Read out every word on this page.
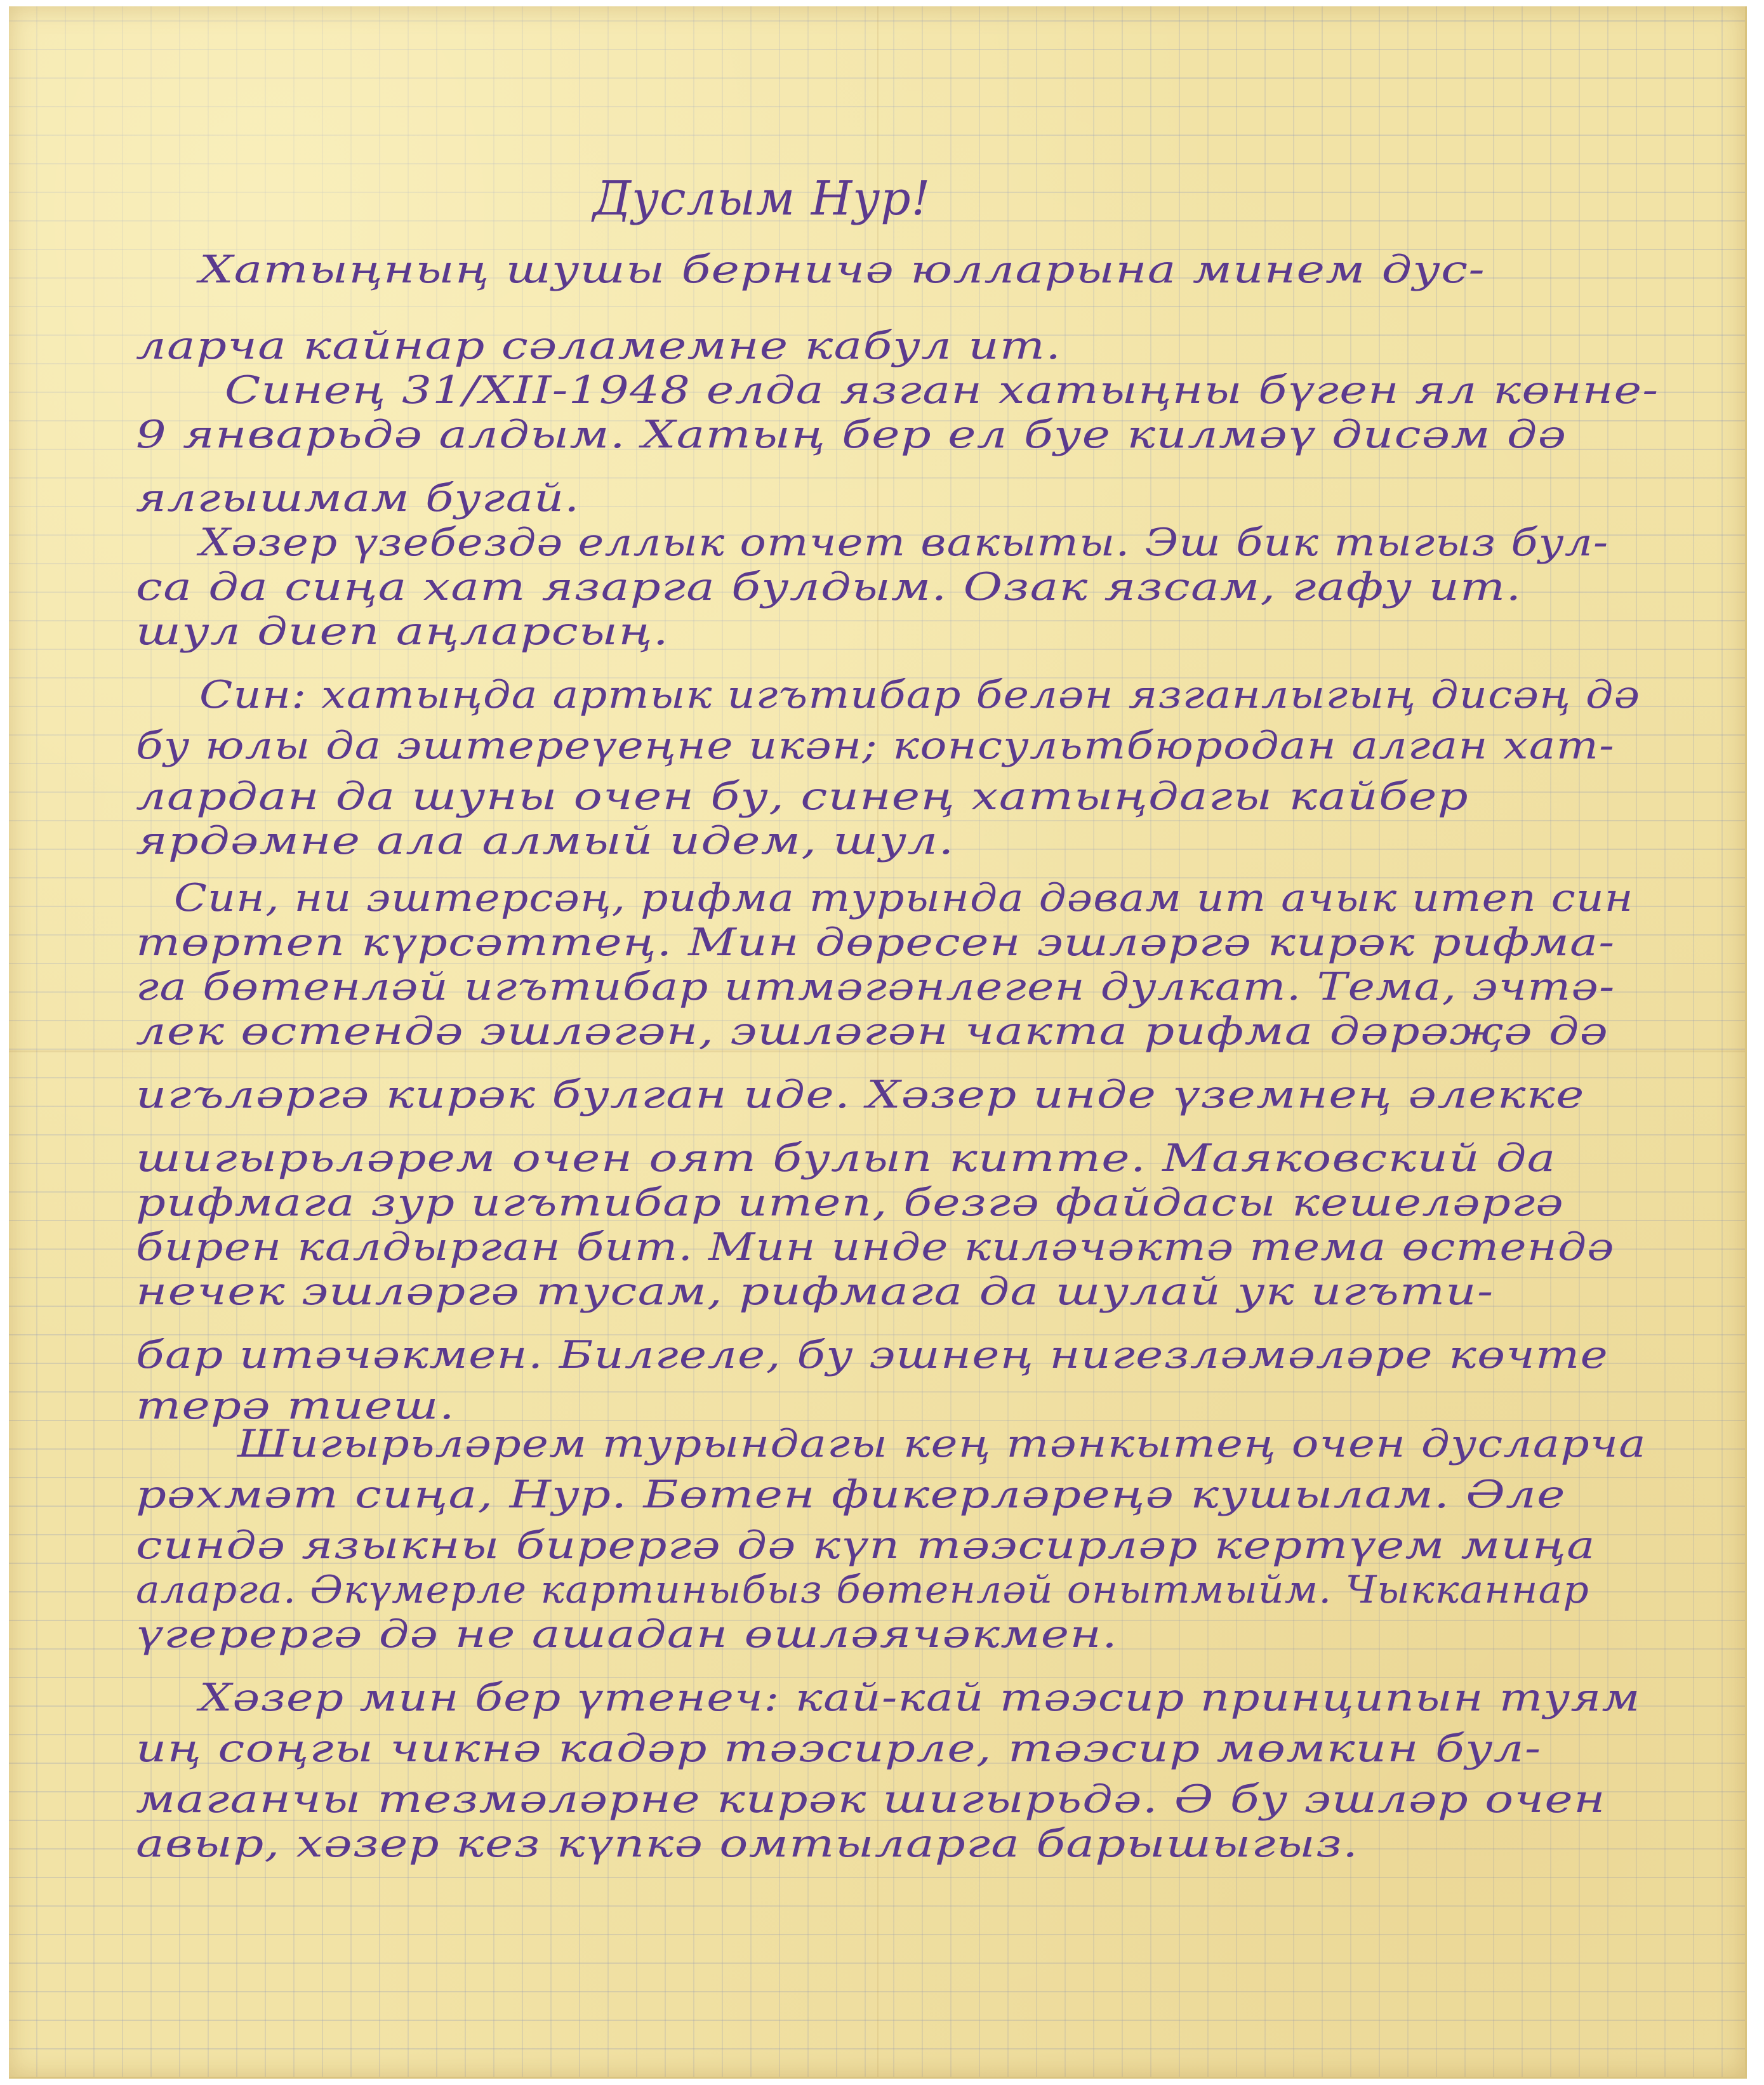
Дуслым Нур!
Хатыңның шушы берничә юлларына минем дус-
ларча кайнар сәламемне кабул ит.
Синең 31/XII-1948 елда язган хатыңны бүген ял көнне-
9 январьдә алдым. Хатың бер ел буе килмәү дисәм дә
ялгышмам бугай.
Хәзер үзебездә еллык отчет вакыты. Эш бик тыгыз бул-
са да сиңа хат язарга булдым. Озак язсам, гафу ит.
шул диеп аңларсың.
Син: хатыңда артык игътибар белән язганлыгың дисәң дә
бу юлы да эштереүеңне икән; консультбюродан алган хат-
лардан да шуны очен бу, синең хатыңдагы кайбер
ярдәмне ала алмый идем, шул.
Син, ни эштерсәң, рифма турында дәвам ит ачык итеп син
төртеп күрсәттең. Мин дөресен эшләргә кирәк рифма-
га бөтенләй игътибар итмәгәнлеген дулкат. Тема, эчтә-
лек өстендә эшләгән, эшләгән чакта рифма дәрәҗә дә
игъләргә кирәк булган иде. Хәзер инде үземнең әлекке
шигырьләрем очен оят булып китте. Маяковский да
рифмага зур игътибар итеп, безгә файдасы кешеләргә
бирен калдырган бит. Мин инде киләчәктә тема өстендә
нечек эшләргә тусам, рифмага да шулай ук игъти-
бар итәчәкмен. Билгеле, бу эшнең нигезләмәләре көчте
терә тиеш.
Шигырьләрем турындагы кең тәнкытең очен дусларча
рәхмәт сиңа, Нур. Бөтен фикерләреңә кушылам. Әле
синдә языкны бирергә дә күп тәэсирләр кертүем миңа
аларга. Әкүмерле картиныбыз бөтенләй онытмыйм. Чыкканнар
үгерергә дә не ашадан өшләячәкмен.
Хәзер мин бер үтенеч: кай-кай тәэсир принципын туям
иң соңгы чикнә кадәр тәэсирле, тәэсир мөмкин бул-
маганчы тезмәләрне кирәк шигырьдә. Ә бу эшләр очен
авыр, хәзер кез күпкә омтыларга барышыгыз.
